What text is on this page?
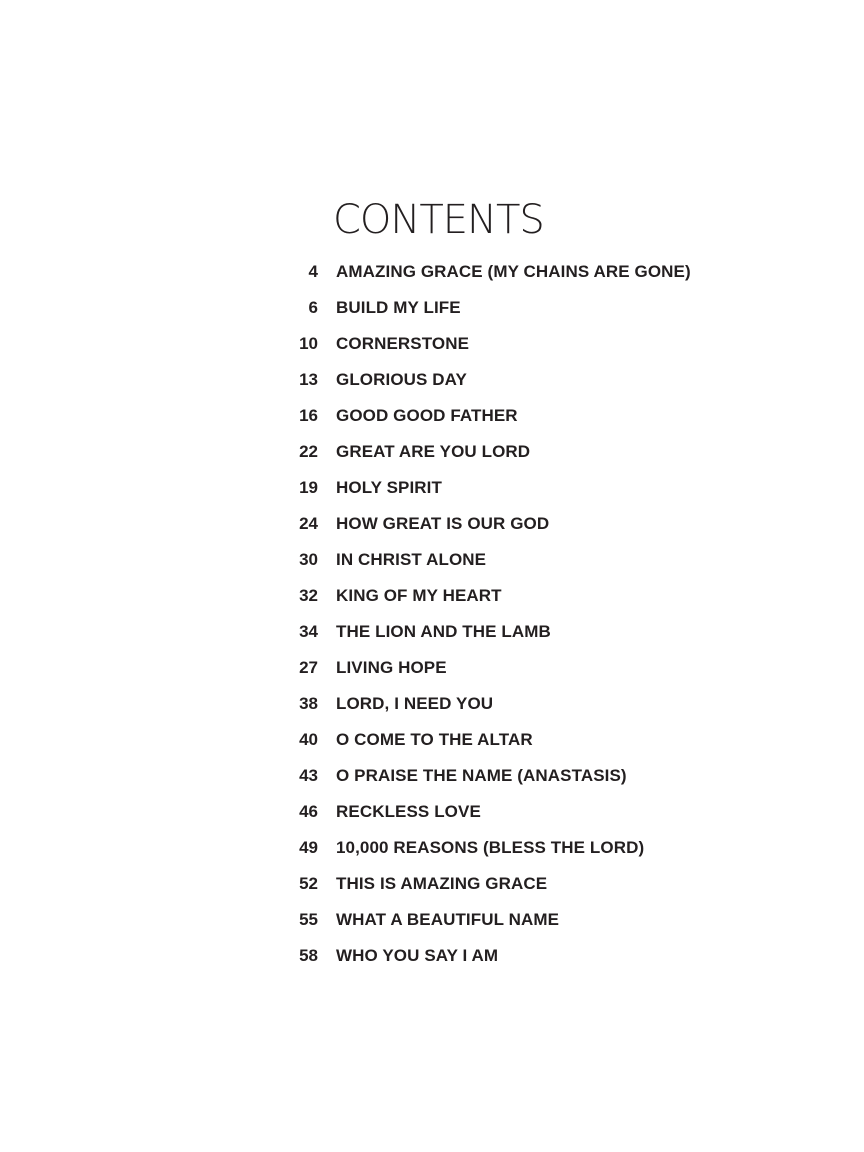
CONTENTS
4 AMAZING GRACE (MY CHAINS ARE GONE)
6 BUILD MY LIFE
10 CORNERSTONE
13 GLORIOUS DAY
16 GOOD GOOD FATHER
22 GREAT ARE YOU LORD
19 HOLY SPIRIT
24 HOW GREAT IS OUR GOD
30 IN CHRIST ALONE
32 KING OF MY HEART
34 THE LION AND THE LAMB
27 LIVING HOPE
38 LORD, I NEED YOU
40 O COME TO THE ALTAR
43 O PRAISE THE NAME (ANASTASIS)
46 RECKLESS LOVE
49 10,000 REASONS (BLESS THE LORD)
52 THIS IS AMAZING GRACE
55 WHAT A BEAUTIFUL NAME
58 WHO YOU SAY I AM
